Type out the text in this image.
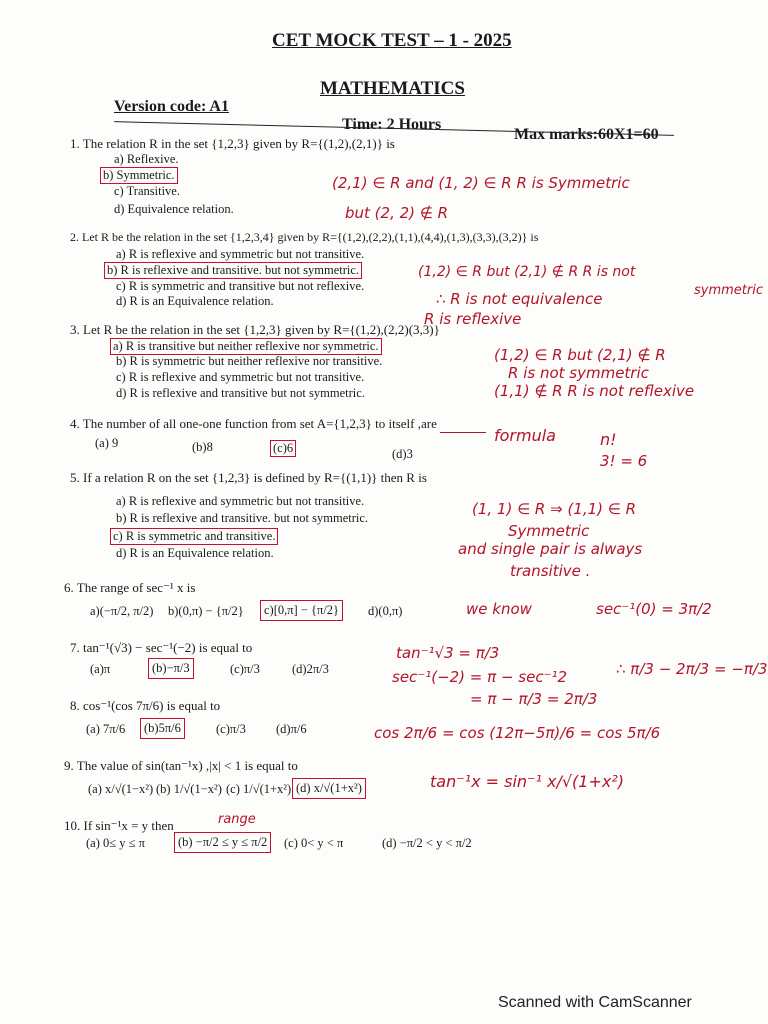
CET MOCK TEST – 1 - 2025
MATHEMATICS
Version code: A1
Time: 2 Hours
Max marks:60X1=60
1. The relation R in the set {1,2,3} given by R={(1,2),(2,1)} is
a) Reflexive.
b) Symmetric.
c) Transitive.
d) Equivalence relation.
(2,1) ∈ R and (1, 2) ∈ R R is Symmetric
but (2, 2) ∉ R
2. Let R be the relation in the set {1,2,3,4} given by R={(1,2),(2,2),(1,1),(4,4),(1,3),(3,3),(3,2)} is
a) R is reflexive and symmetric but not transitive.
b) R is reflexive and transitive. but not symmetric.
c) R is symmetric and transitive but not reflexive.
d) R is an Equivalence relation.
(1,2) ∈ R but (2,1) ∉ R R is not
symmetric
∴ R is not equivalence
R is reflexive
3. Let R be the relation in the set {1,2,3} given by R={(1,2),(2,2)(3,3)}
a) R is transitive but neither reflexive nor symmetric.
b) R is symmetric but neither reflexive nor transitive.
c) R is reflexive and symmetric but not transitive.
d) R is reflexive and transitive but not symmetric.
(1,2) ∈ R but (2,1) ∉ R
R is not symmetric
(1,1) ∉ R R is not reflexive
4. The number of all one-one function from set A={1,2,3} to itself ,are
(a) 9	(b)8	(c)6	(d)3
formula	n!
3! = 6
5. If a relation R on the set {1,2,3} is defined by R={(1,1)} then R is
a) R is reflexive and symmetric but not transitive.
b) R is reflexive and transitive. but not symmetric.
c) R is symmetric and transitive.
d) R is an Equivalence relation.
(1, 1) ∈ R ⇒ (1,1) ∈ R
Symmetric
and single pair is always
transitive .
6. The range of sec⁻¹ x is
a)(−π/2, π/2) b)(0,π) − {π/2}	c)[0,π] − {π/2}	d)(0,π)	we know	sec⁻¹(0) = 3π/2
7. tan⁻¹(√3) − sec⁻¹(−2) is equal to
(a)π	(b)−π/3	(c)π/3	(d)2π/3
tan⁻¹√3 = π/3
sec⁻¹(−2) = π − sec⁻¹2
= π − π/3 = 2π/3
∴ π/3 − 2π/3 = −π/3
8. cos⁻¹(cos 7π/6) is equal to
(a) 7π/6	(b)5π/6	(c)π/3 (d)π/6	cos 2π/6 = cos (12π−5π)/6 = cos 5π/6
9. The value of sin(tan⁻¹x) ,|x| < 1 is equal to
(a) x/√(1−x²) (b) 1/√(1−x²) (c) 1/√(1+x²) (d) x/√(1+x²)	tan⁻¹x = sin⁻¹ x/√(1+x²)
range
10. If sin⁻¹x = y then
(a) 0≤ y ≤ π	(b) −π/2 ≤ y ≤ π/2	(c) 0< y < π	(d) −π/2 < y < π/2
Scanned with CamScanner
